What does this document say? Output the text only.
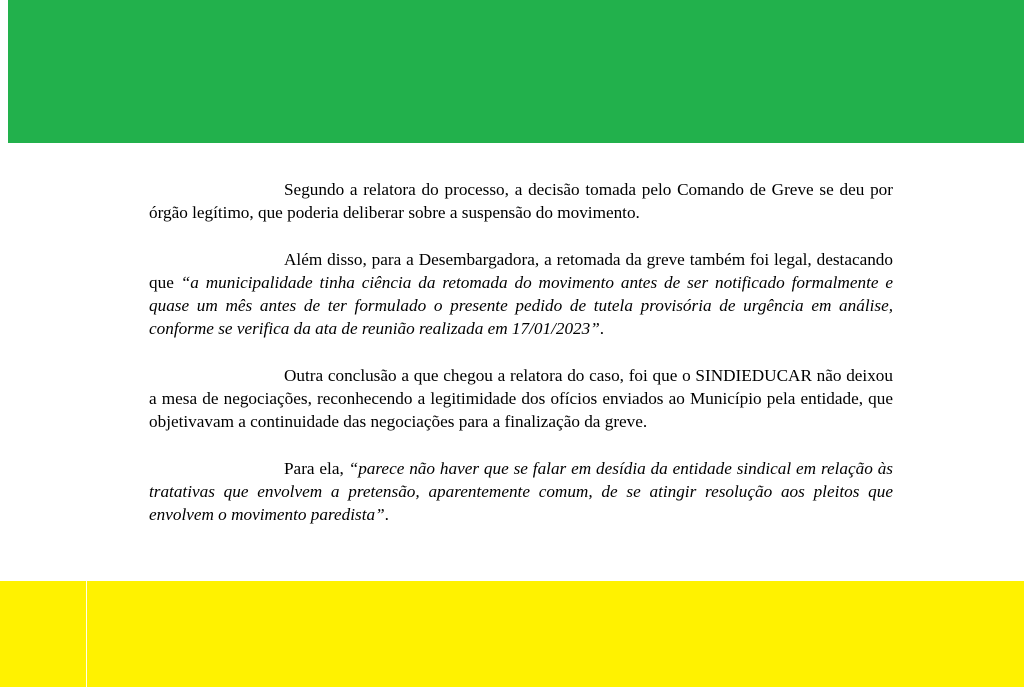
Segundo a relatora do processo, a decisão tomada pelo Comando de Greve se deu por órgão legítimo, que poderia deliberar sobre a suspensão do movimento.

Além disso, para a Desembargadora, a retomada da greve também foi legal, destacando que “a municipalidade tinha ciência da retomada do movimento antes de ser notificado formalmente e quase um mês antes de ter formulado o presente pedido de tutela provisória de urgência em análise, conforme se verifica da ata de reunião realizada em 17/01/2023”.

Outra conclusão a que chegou a relatora do caso, foi que o SINDIEDUCAR não deixou a mesa de negociações, reconhecendo a legitimidade dos ofícios enviados ao Município pela entidade, que objetivavam a continuidade das negociações para a finalização da greve.

Para ela, “parece não haver que se falar em desídia da entidade sindical em relação às tratativas que envolvem a pretensão, aparentemente comum, de se atingir resolução aos pleitos que envolvem o movimento paredista”.
